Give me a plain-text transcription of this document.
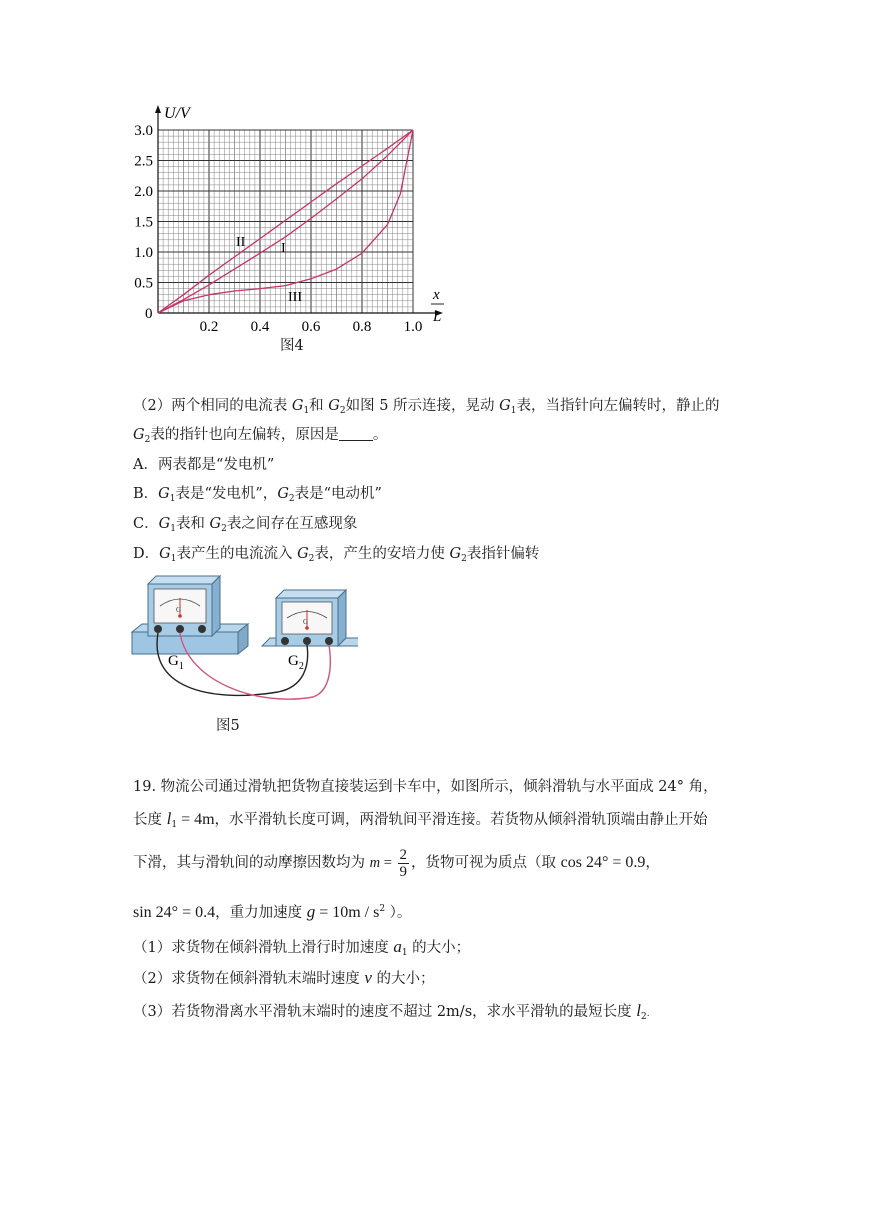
0.5
1.0
1.5
2.0
2.5
3.0
0.2 0.4 0.6 0.8 1.0
U/V
x
L
0
II	I
III
图4
（2）两个相同的电流表 $G_1$和 $G_2$如图 5 所示连接，晃动 $G_1$表，当指针向左偏转时，静止的
$G_2$表的指针也向左偏转，原因是 。
A．两表都是“发电机”
B．$G_1$表是“发电机”，$G_2$表是“电动机”
C．$G_1$表和 $G_2$表之间存在互感现象
D．$G_1$表产生的电流流入 $G_2$表，产生的安培力使 $G_2$表指针偏转
G
G
$G_1$	$G_2$
图5
19. 物流公司通过滑轨把货物直接装运到卡车中，如图所示，倾斜滑轨与水平面成 24° 角，
长度 $l_1 = 4m$，水平滑轨长度可调，两滑轨间平滑连接。若货物从倾斜滑轨顶端由静止开始
下滑，其与滑轨间的动摩擦因数均为 $m = \frac{2}{9}$ ，货物可视为质点（取 cos 24° = 0.9，
sin 24° = 0.4，重力加速度 $g = 10m / s^2$ ）。
（1）求货物在倾斜滑轨上滑行时加速度 $a_1$ 的大小；
（2）求货物在倾斜滑轨末端时速度 v 的大小；
（3）若货物滑离水平滑轨末端时的速度不超过 2m/s，求水平滑轨的最短长度 $l_2$.
